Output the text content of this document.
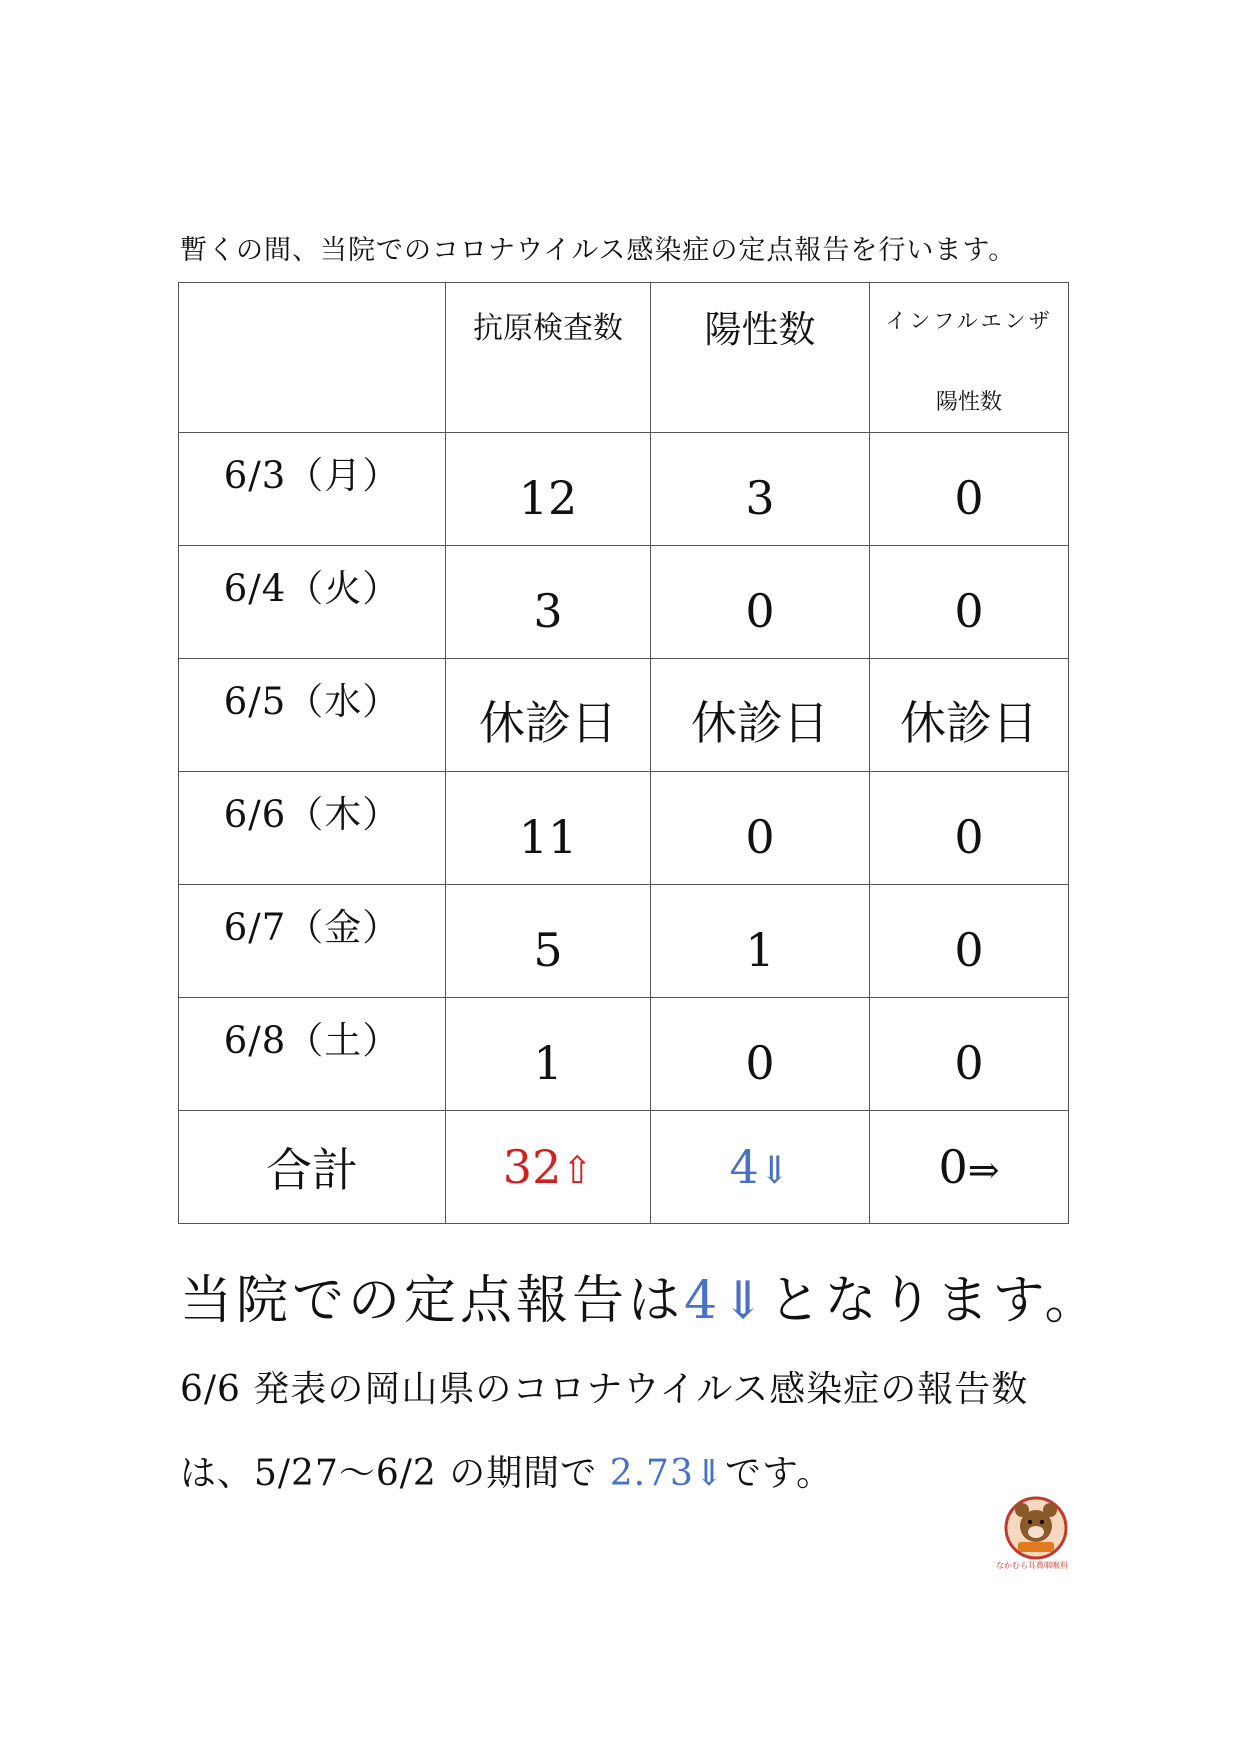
暫くの間、当院でのコロナウイルス感染症の定点報告を行います。

	抗原検査数	陽性数	インフルエンザ
陽性数

6/3（月）	12	3	0

6/4（火）	3	0	0

6/5（水）	休診日	休診日	休診日

6/6（木）	11	0	0

6/7（金）	5	1	0

6/8（土）	1	0	0
合計	32⇧	4⇓	0⇒
当院での定点報告は4⇓となります。
6/6 発表の岡山県のコロナウイルス感染症の報告数
は、5/27～6/2 の期間で 2.73⇓です。
なかむら耳鼻咽喉科
